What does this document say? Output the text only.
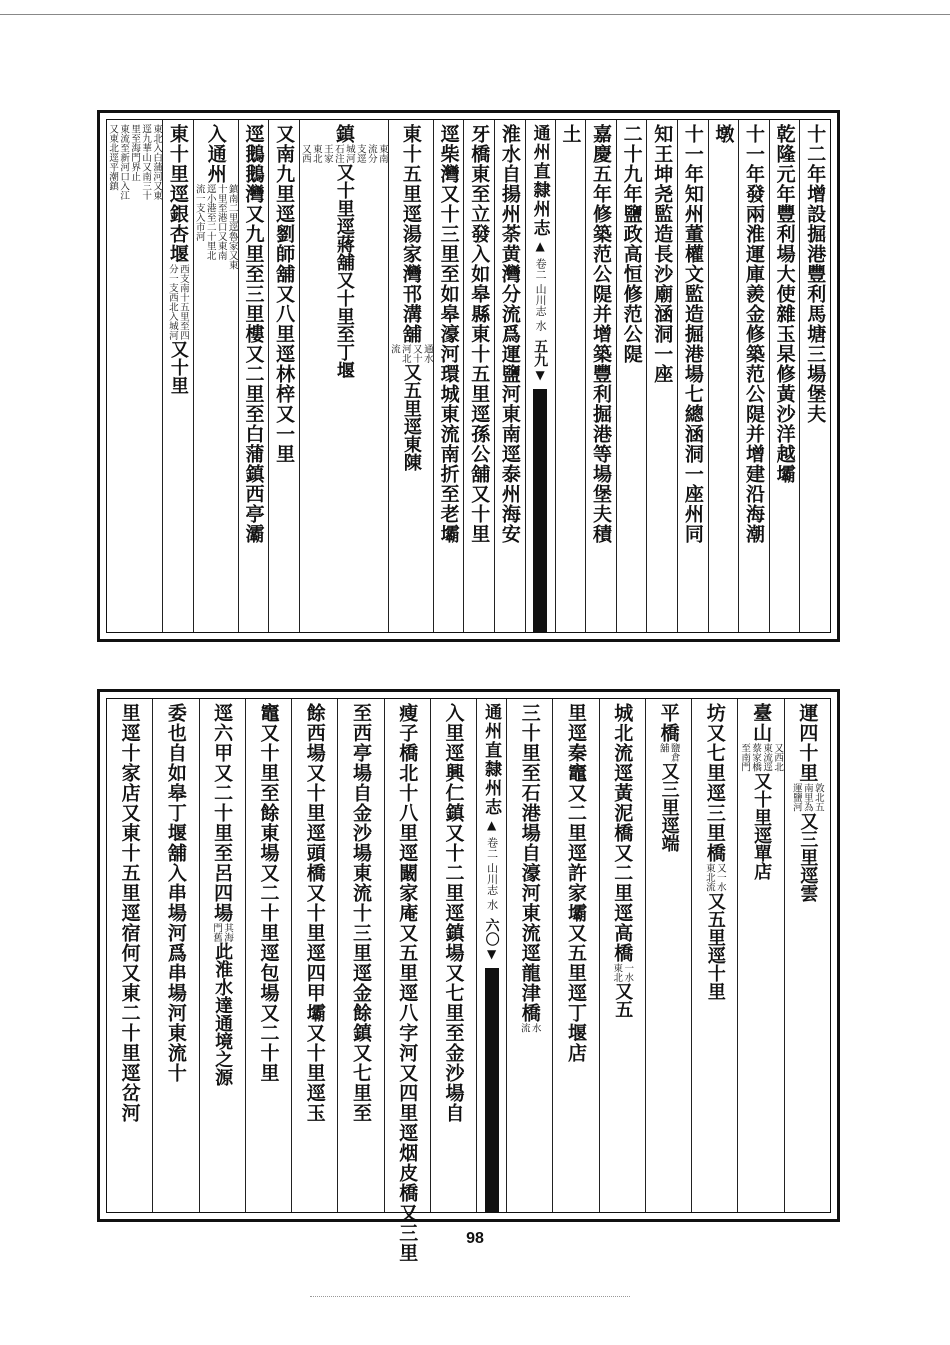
十二年增設掘港豐利馬塘三場堡夫
乾隆元年豐利場大使雜玉杲修黃沙洋越壩
十一年發兩淮運庫羨金修築范公隄并增建沿海潮
墩
十一年知州董權文監造掘港場七總涵洞一座州同
知王坤尧監造長沙廟涵洞一座
二十九年鹽政高恒修范公隄
嘉慶五年修築范公隄并增築豐利掘港等場堡夫積
土
通州直隸州志
▲
卷二 山川志 水
五九
▼
淮水自揚州荼黄灣分流爲運鹽河東南逕泰州海安
牙橋東至立發入如皋縣東十五里逕孫公舖又十里
逕柴灣又十三里至如皋濠河環城東流南折至老壩
東十五里逕湯家灣邗溝舖
通水
又十
河北
流
又五里逕東陳
鎮
東南
流分
支逕
城河
石注
王家
東北
又西
又十里逕蔣舖又十里至丁堰
又南九里逕劉師舖又八里逕林梓又一里
逕鵝鵝灣又九里至三里樓又二里至白蒲鎮西亭灞
入通州
鎮南二里逕魯家又東
十里至港口又東南
逕小港至二十里北
流一支入市河
東十里逕銀杏堰
西支南十五里至四
分一支西北入城河
又十里
東北入白蒲河又東
逕九華山又南三十
里至海門界止
東流至新河口入江
又東北逕平潮鎮
運四十里
敦北五
南里為
運鹽河
又三里逕雲
臺山
又西北
東流逕
蔡家橋
至南門
又十里逕單店
坊又七里逕三里橋
又一水
東北流
又五里逕十里
平橋
鹽倉
舖
又三里逕端
城北流逕黃泥橋又二里逕高橋
一水
東北
又五
里逕秦竈又二里逕許家壩又五里逕丁堰店
三十里至石港場自濠河東流逕龍津橋
水
流
通州直隸州志
▲
卷二 山川志 水
六〇
▼
入里逕興仁鎮又十二里逕鎮場又七里至金沙場自
瘦子橋北十八里逕闞家庵又五里逕八字河又四里逕烟皮橋又三里
至西亭場自金沙場東流十三里逕金餘鎮又七里至
餘西場又十里逕頭橋又十里逕四甲壩又十里逕玉
竈又十里至餘東場又二十里逕包場又二十里
逕六甲又二十里至呂四場
其海
門舊
此淮水達通境之源
委也自如皋丁堰舖入串場河爲串場河東流十
里逕十家店又東十五里逕宿何又東二十里逕岔河
98
